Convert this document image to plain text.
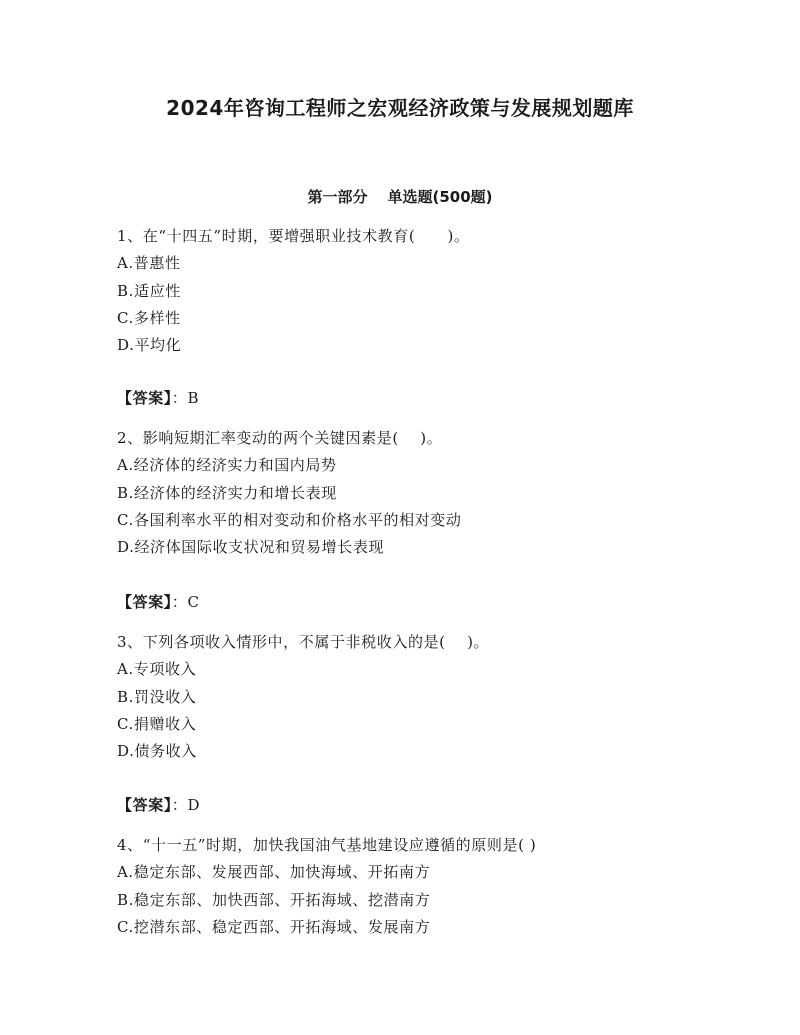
2024年咨询工程师之宏观经济政策与发展规划题库
第一部分 单选题(500题)
1、在“十四五”时期，要增强职业技术教育(      )。
A.普惠性
B.适应性
C.多样性
D.平均化
【答案】：B
2、影响短期汇率变动的两个关键因素是(    )。
A.经济体的经济实力和国内局势
B.经济体的经济实力和增长表现
C.各国利率水平的相对变动和价格水平的相对变动
D.经济体国际收支状况和贸易增长表现
【答案】：C
3、下列各项收入情形中，不属于非税收入的是(    )。
A.专项收入
B.罚没收入
C.捐赠收入
D.债务收入
【答案】：D
4、“十一五”时期，加快我国油气基地建设应遵循的原则是( )
A.稳定东部、发展西部、加快海域、开拓南方
B.稳定东部、加快西部、开拓海域、挖潜南方
C.挖潜东部、稳定西部、开拓海域、发展南方
